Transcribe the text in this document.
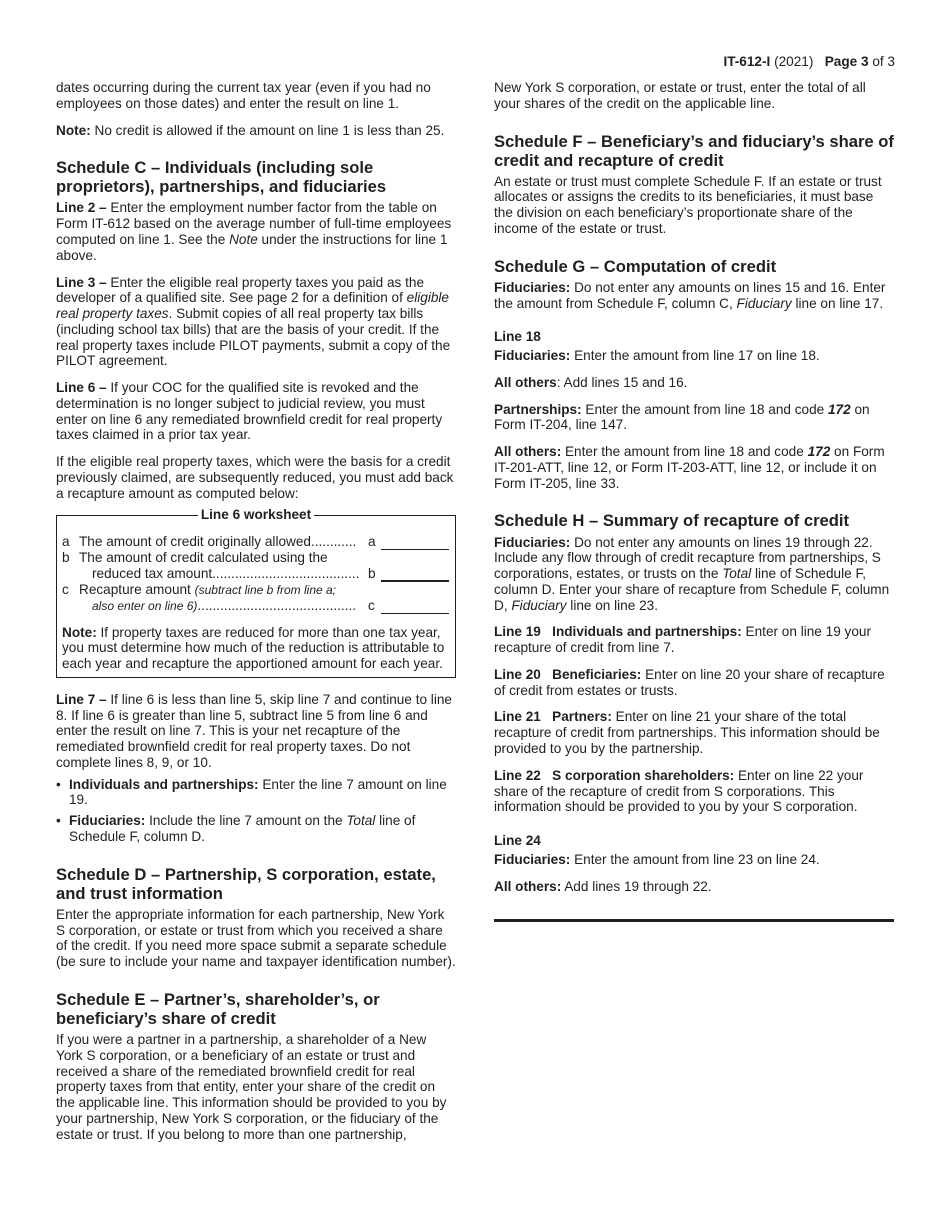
IT-612-I (2021) Page 3 of 3

dates occurring during the current tax year (even if you had no employees on those dates) and enter the result on line 1.

Note: No credit is allowed if the amount on line 1 is less than 25.

Schedule C – Individuals (including sole proprietors), partnerships, and fiduciaries

Line 2 – Enter the employment number factor from the table on Form IT-612 based on the average number of full-time employees computed on line 1. See the Note under the instructions for line 1 above.

Line 3 – Enter the eligible real property taxes you paid as the developer of a qualified site. See page 2 for a definition of eligible real property taxes. Submit copies of all real property tax bills (including school tax bills) that are the basis of your credit. If the real property taxes include PILOT payments, submit a copy of the PILOT agreement.

Line 6 – If your COC for the qualified site is revoked and the determination is no longer subject to judicial review, you must enter on line 6 any remediated brownfield credit for real property taxes claimed in a prior tax year.

If the eligible real property taxes, which were the basis for a credit previously claimed, are subsequently reduced, you must add back a recapture amount as computed below:

Line 6 worksheet
a The amount of credit originally allowed............ a
b The amount of credit calculated using the
reduced tax amount....................................... b
c Recapture amount (subtract line b from line a;
also enter on line 6).......................................... c

Note: If property taxes are reduced for more than one tax year, you must determine how much of the reduction is attributable to each year and recapture the apportioned amount for each year.

Line 7 – If line 6 is less than line 5, skip line 7 and continue to line 8. If line 6 is greater than line 5, subtract line 5 from line 6 and enter the result on line 7. This is your net recapture of the remediated brownfield credit for real property taxes. Do not complete lines 8, 9, or 10.

• Individuals and partnerships: Enter the line 7 amount on line 19.
• Fiduciaries: Include the line 7 amount on the Total line of Schedule F, column D.
Schedule D – Partnership, S corporation, estate, and trust information

Enter the appropriate information for each partnership, New York S corporation, or estate or trust from which you received a share of the credit. If you need more space submit a separate schedule (be sure to include your name and taxpayer identification number).

Schedule E – Partner’s, shareholder’s, or beneficiary’s share of credit

If you were a partner in a partnership, a shareholder of a New York S corporation, or a beneficiary of an estate or trust and received a share of the remediated brownfield credit for real property taxes from that entity, enter your share of the credit on the applicable line. This information should be provided to you by your partnership, New York S corporation, or the fiduciary of the estate or trust. If you belong to more than one partnership,

New York S corporation, or estate or trust, enter the total of all your shares of the credit on the applicable line.

Schedule F – Beneficiary’s and fiduciary’s share of credit and recapture of credit

An estate or trust must complete Schedule F. If an estate or trust allocates or assigns the credits to its beneficiaries, it must base the division on each beneficiary’s proportionate share of the income of the estate or trust.

Schedule G – Computation of credit

Fiduciaries: Do not enter any amounts on lines 15 and 16. Enter the amount from Schedule F, column C, Fiduciary line on line 17.

Line 18

Fiduciaries: Enter the amount from line 17 on line 18.

All others: Add lines 15 and 16.

Partnerships: Enter the amount from line 18 and code 172 on Form IT-204, line 147.

All others: Enter the amount from line 18 and code 172 on Form IT-201-ATT, line 12, or Form IT-203-ATT, line 12, or include it on Form IT-205, line 33.

Schedule H – Summary of recapture of credit

Fiduciaries: Do not enter any amounts on lines 19 through 22. Include any flow through of credit recapture from partnerships, S corporations, estates, or trusts on the Total line of Schedule F, column D. Enter your share of recapture from Schedule F, column D, Fiduciary line on line 23.

Line 19   Individuals and partnerships: Enter on line 19 your recapture of credit from line 7.

Line 20   Beneficiaries: Enter on line 20 your share of recapture of credit from estates or trusts.

Line 21   Partners: Enter on line 21 your share of the total recapture of credit from partnerships. This information should be provided to you by the partnership.

Line 22   S corporation shareholders: Enter on line 22 your share of the recapture of credit from S corporations. This information should be provided to you by your S corporation.

Line 24

Fiduciaries: Enter the amount from line 23 on line 24.

All others: Add lines 19 through 22.
